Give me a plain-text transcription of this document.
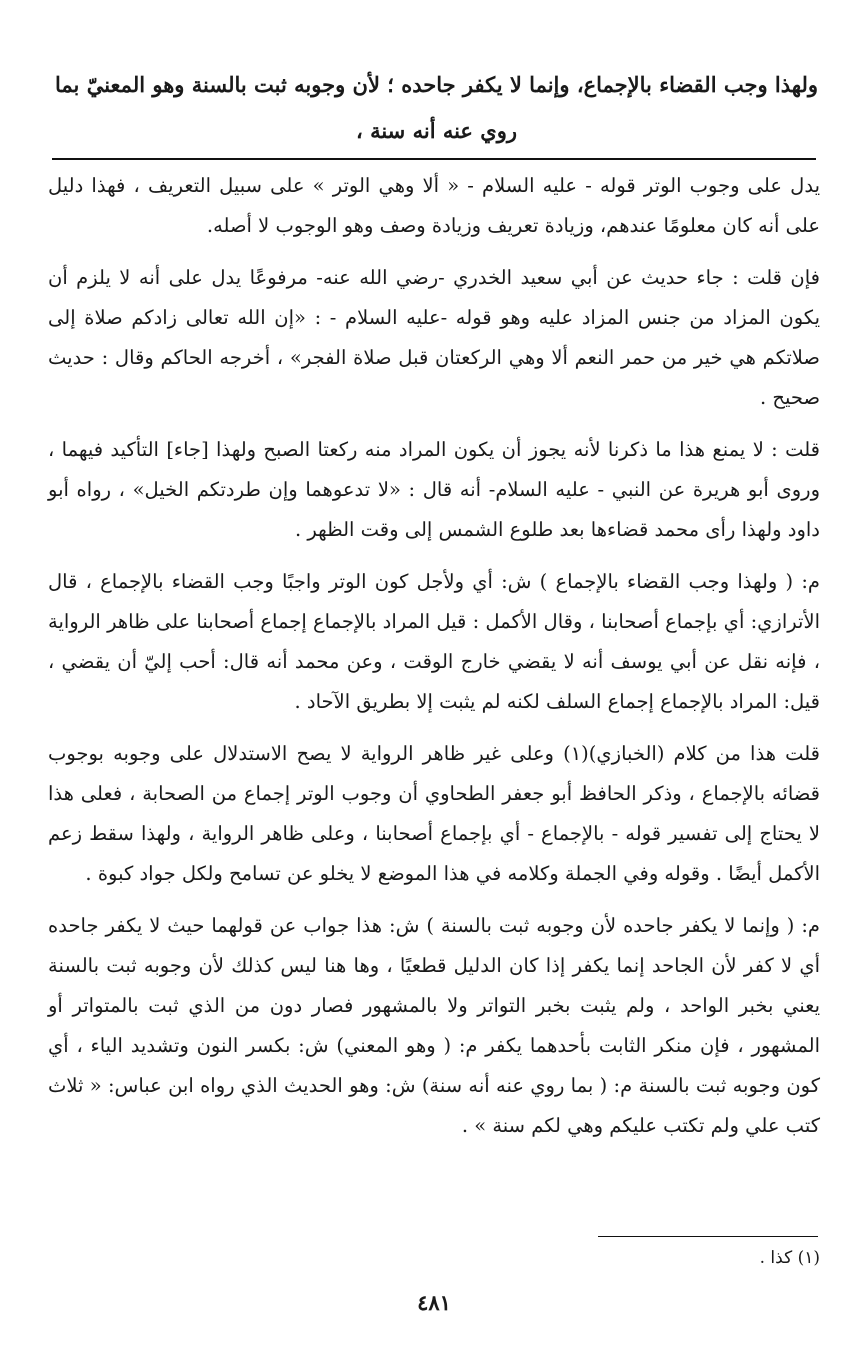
ولهذا وجب القضاء بالإجماع، وإنما لا يكفر جاحده ؛ لأن وجوبه ثبت بالسنة وهو المعنيّ بما
روي عنه أنه سنة ،

يدل على وجوب الوتر قوله - عليه السلام - « ألا وهي الوتر » على سبيل التعريف ، فهذا دليل على أنه كان معلومًا عندهم، وزيادة تعريف وزيادة وصف وهو الوجوب لا أصله.

فإن قلت : جاء حديث عن أبي سعيد الخدري -رضي الله عنه- مرفوعًا يدل على أنه لا يلزم أن يكون المزاد من جنس المزاد عليه وهو قوله -عليه السلام - : «إن الله تعالى زادكم صلاة إلى صلاتكم هي خير من حمر النعم ألا وهي الركعتان قبل صلاة الفجر» ، أخرجه الحاكم وقال : حديث صحيح .

قلت : لا يمنع هذا ما ذكرنا لأنه يجوز أن يكون المراد منه ركعتا الصبح ولهذا [جاء] التأكيد فيهما ، وروى أبو هريرة عن النبي - عليه السلام- أنه قال : «لا تدعوهما وإن طردتكم الخيل» ، رواه أبو داود ولهذا رأى محمد قضاءها بعد طلوع الشمس إلى وقت الظهر .

م: ( ولهذا وجب القضاء بالإجماع ) ش: أي ولأجل كون الوتر واجبًا وجب القضاء بالإجماع ، قال الأترازي: أي بإجماع أصحابنا ، وقال الأكمل : قيل المراد بالإجماع إجماع أصحابنا على ظاهر الرواية ، فإنه نقل عن أبي يوسف أنه لا يقضي خارج الوقت ، وعن محمد أنه قال: أحب إليّ أن يقضي ، قيل: المراد بالإجماع إجماع السلف لكنه لم يثبت إلا بطريق الآحاد .

قلت هذا من كلام (الخبازي)(١) وعلى غير ظاهر الرواية لا يصح الاستدلال على وجوبه بوجوب قضائه بالإجماع ، وذكر الحافظ أبو جعفر الطحاوي أن وجوب الوتر إجماع من الصحابة ، فعلى هذا لا يحتاج إلى تفسير قوله - بالإجماع - أي بإجماع أصحابنا ، وعلى ظاهر الرواية ، ولهذا سقط زعم الأكمل أيضًا . وقوله وفي الجملة وكلامه في هذا الموضع لا يخلو عن تسامح ولكل جواد كبوة .

م: ( وإنما لا يكفر جاحده لأن وجوبه ثبت بالسنة ) ش: هذا جواب عن قولهما حيث لا يكفر جاحده أي لا كفر لأن الجاحد إنما يكفر إذا كان الدليل قطعيًا ، وها هنا ليس كذلك لأن وجوبه ثبت بالسنة يعني بخبر الواحد ، ولم يثبت بخبر التواتر ولا بالمشهور فصار دون من الذي ثبت بالمتواتر أو المشهور ، فإن منكر الثابت بأحدهما يكفر م: ( وهو المعني) ش: بكسر النون وتشديد الياء ، أي كون وجوبه ثبت بالسنة م: ( بما روي عنه أنه سنة) ش: وهو الحديث الذي رواه ابن عباس: « ثلاث كتب علي ولم تكتب عليكم وهي لكم سنة » .

(١) كذا .
٤٨١
